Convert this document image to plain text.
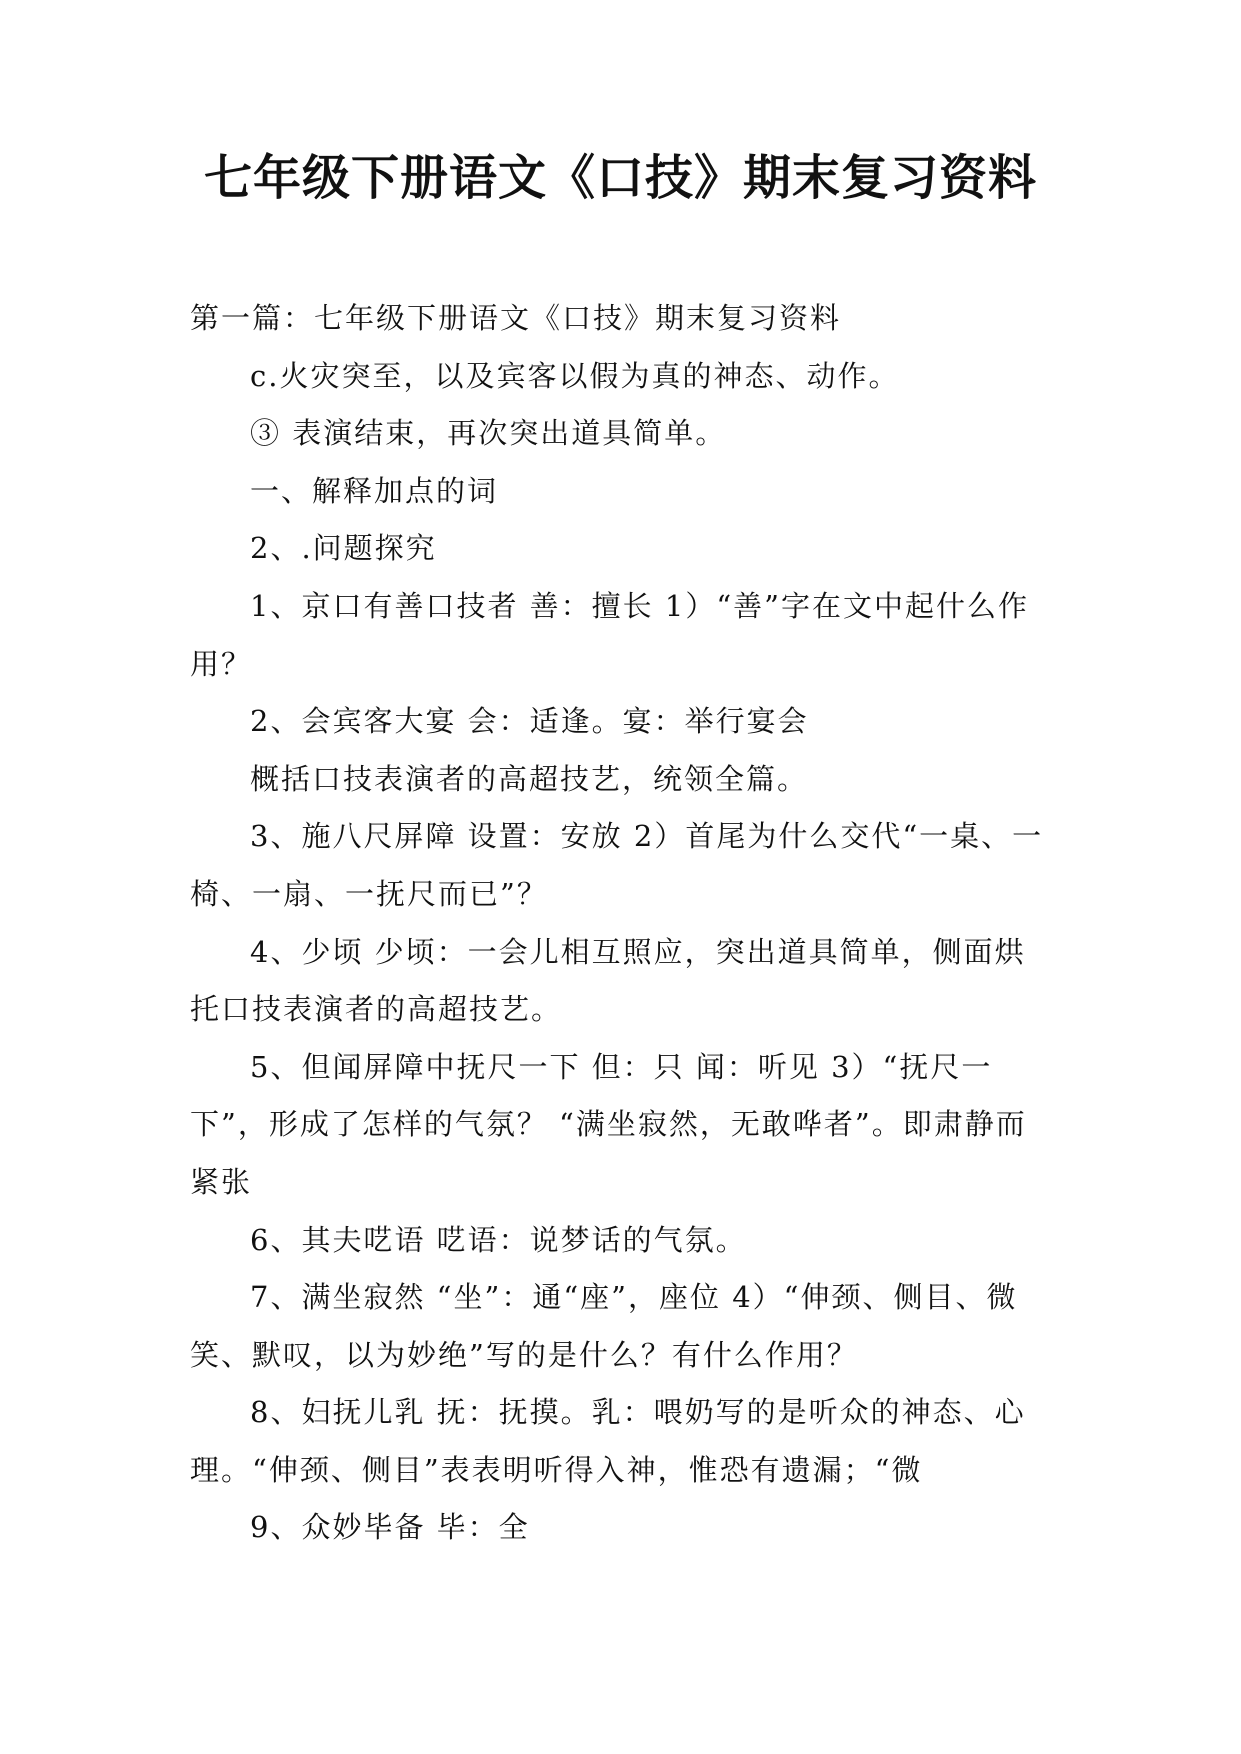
七年级下册语文《口技》期末复习资料

第一篇：七年级下册语文《口技》期末复习资料

c.火灾突至，以及宾客以假为真的神态、动作。

③ 表演结束，再次突出道具简单。

一、解释加点的词

2、.问题探究

1、京口有善口技者 善：擅长 1）“善”字在文中起什么作用？

2、会宾客大宴 会：适逢。宴：举行宴会

概括口技表演者的高超技艺，统领全篇。

3、施八尺屏障 设置：安放 2）首尾为什么交代“一桌、一椅、一扇、一抚尺而已”？

4、少顷 少顷：一会儿相互照应，突出道具简单，侧面烘托口技表演者的高超技艺。

5、但闻屏障中抚尺一下 但：只 闻：听见 3）“抚尺一下”，形成了怎样的气氛？ “满坐寂然，无敢哗者”。即肃静而紧张

6、其夫呓语 呓语：说梦话的气氛。

7、满坐寂然 “坐”：通“座”，座位 4）“伸颈、侧目、微笑、默叹，以为妙绝”写的是什么？有什么作用？

8、妇抚儿乳 抚：抚摸。乳：喂奶写的是听众的神态、心理。“伸颈、侧目”表表明听得入神，惟恐有遗漏；“微

9、众妙毕备 毕：全
